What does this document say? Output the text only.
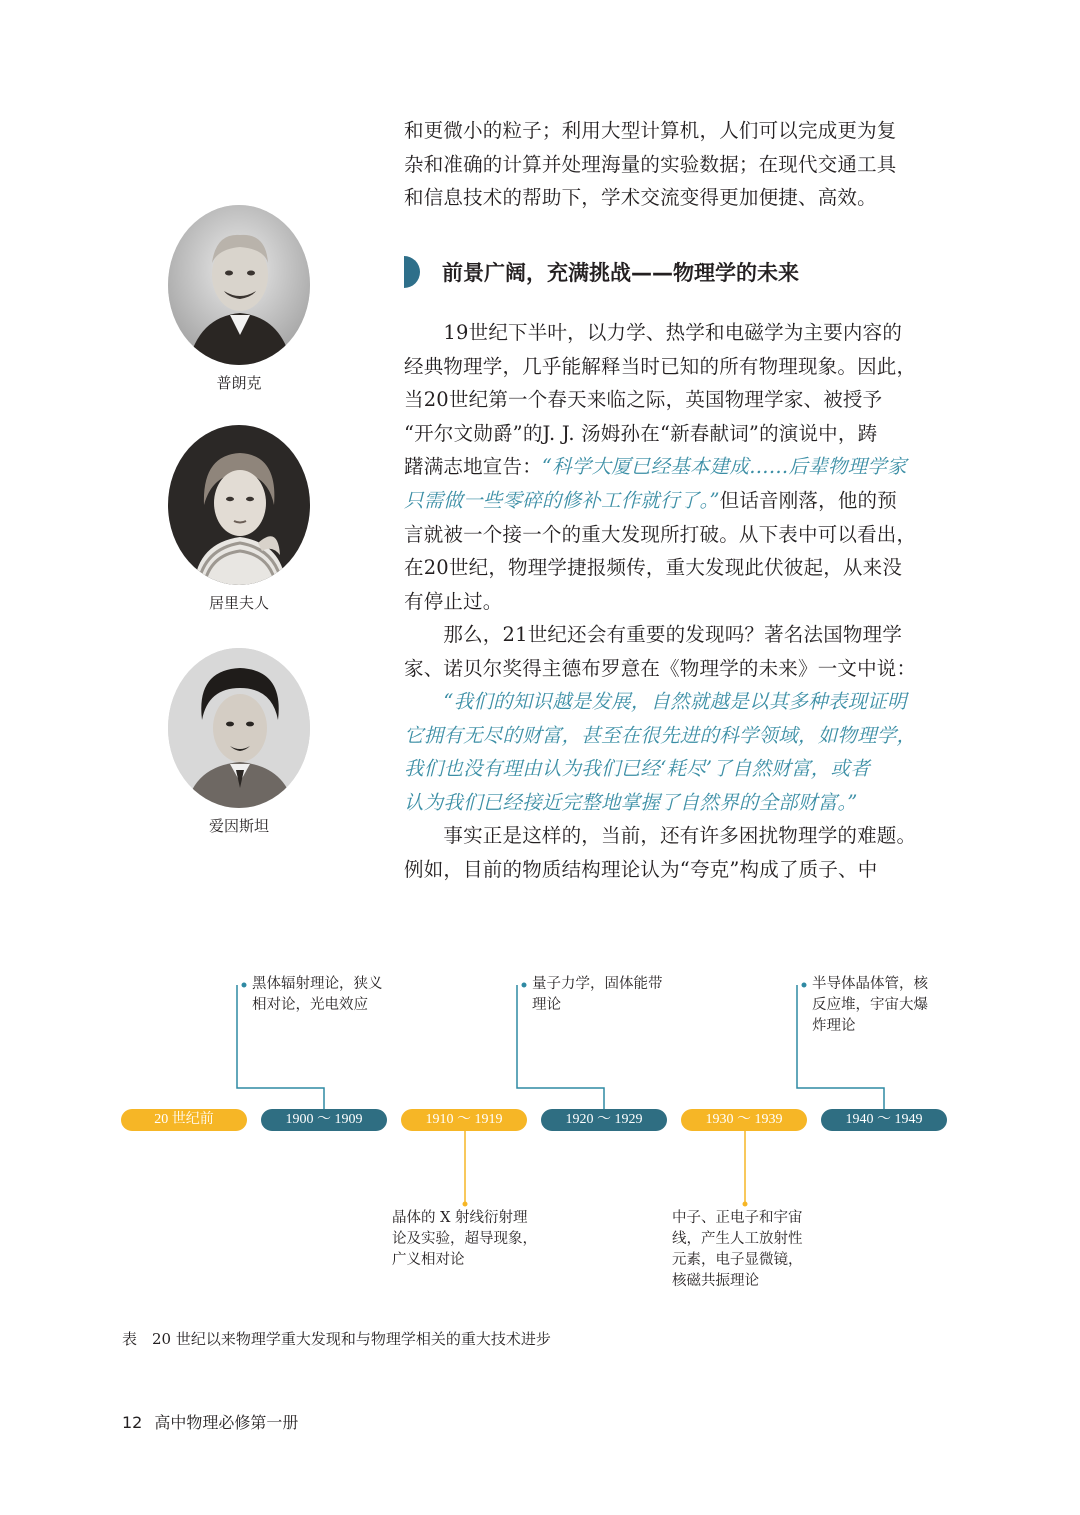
和更微小的粒子；利用大型计算机，人们可以完成更为复
杂和准确的计算并处理海量的实验数据；在现代交通工具
和信息技术的帮助下，学术交流变得更加便捷、高效。
前景广阔，充满挑战——物理学的未来
　　19世纪下半叶，以力学、热学和电磁学为主要内容的
经典物理学，几乎能解释当时已知的所有物理现象。因此，
当20世纪第一个春天来临之际，英国物理学家、被授予
“开尔文勋爵”的J. J. 汤姆孙在“新春献词”的演说中，踌
躇满志地宣告：“科学大厦已经基本建成……后辈物理学家
只需做一些零碎的修补工作就行了。”但话音刚落，他的预
言就被一个接一个的重大发现所打破。从下表中可以看出，
在20世纪，物理学捷报频传，重大发现此伏彼起，从来没
有停止过。
　　那么，21世纪还会有重要的发现吗？著名法国物理学
家、诺贝尔奖得主德布罗意在《物理学的未来》一文中说：
　　“我们的知识越是发展，自然就越是以其多种表现证明
它拥有无尽的财富，甚至在很先进的科学领域，如物理学，
我们也没有理由认为我们已经‘耗尽’了自然财富，或者
认为我们已经接近完整地掌握了自然界的全部财富。”
　　事实正是这样的，当前，还有许多困扰物理学的难题。
例如，目前的物质结构理论认为“夸克”构成了质子、中
普朗克
居里夫人
爱因斯坦
20 世纪前	1900 ～ 1909	1910 ～ 1919	1920 ～ 1929	1930 ～ 1939	1940 ～ 1949
黑体辐射理论，狭义
相对论，光电效应
量子力学，固体能带
理论
半导体晶体管，核
反应堆，宇宙大爆
炸理论
晶体的 X 射线衍射理
论及实验，超导现象，
广义相对论
中子、正电子和宇宙
线，产生人工放射性
元素，电子显微镜，
核磁共振理论
表　20 世纪以来物理学重大发现和与物理学相关的重大技术进步
12 高中物理必修第一册
